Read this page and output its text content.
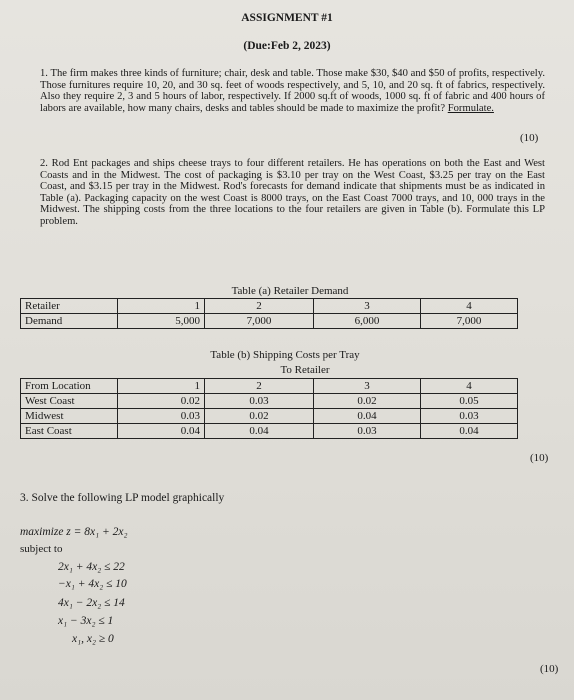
ASSIGNMENT #1
(Due:Feb 2, 2023)

1. The firm makes three kinds of furniture; chair, desk and table. Those make $30, $40 and $50 of profits, respectively. Those furnitures require 10, 20, and 30 sq. feet of woods respectively, and 5, 10, and 20 sq. ft of fabrics, respectively. Also they require 2, 3 and 5 hours of labor, respectively. If 2000 sq.ft of woods, 1000 sq. ft of fabric and 400 hours of labors are available, how many chairs, desks and tables should be made to maximize the profit? Formulate.

(10)

2. Rod Ent packages and ships cheese trays to four different retailers. He has operations on both the East and West Coasts and in the Midwest. The cost of packaging is $3.10 per tray on the West Coast, $3.25 per tray on the East Coast, and $3.15 per tray in the Midwest. Rod's forecasts for demand indicate that shipments must be as indicated in Table (a). Packaging capacity on the west Coast is 8000 trays, on the East Coast 7000 trays, and 10, 000 trays in the Midwest. The shipping costs from the three locations to the four retailers are given in Table (b). Formulate this LP problem.

Table (a) Retailer Demand
Retailer	1	2	3	4
Demand	5,000	7,000	6,000	7,000
Table (b) Shipping Costs per Tray
To Retailer
From Location	1	2	3	4
West Coast	0.02	0.03	0.02	0.05
Midwest	0.03	0.02	0.04	0.03
East Coast	0.04	0.04	0.03	0.04
(10)
3. Solve the following LP model graphically
maximize z = 8x₁ + 2x₂
subject to
2x₁ + 4x₂ ≤ 22
−x₁ + 4x₂ ≤ 10
4x₁ − 2x₂ ≤ 14
x₁ − 3x₂ ≤ 1
x₁, x₂ ≥ 0
(10)
